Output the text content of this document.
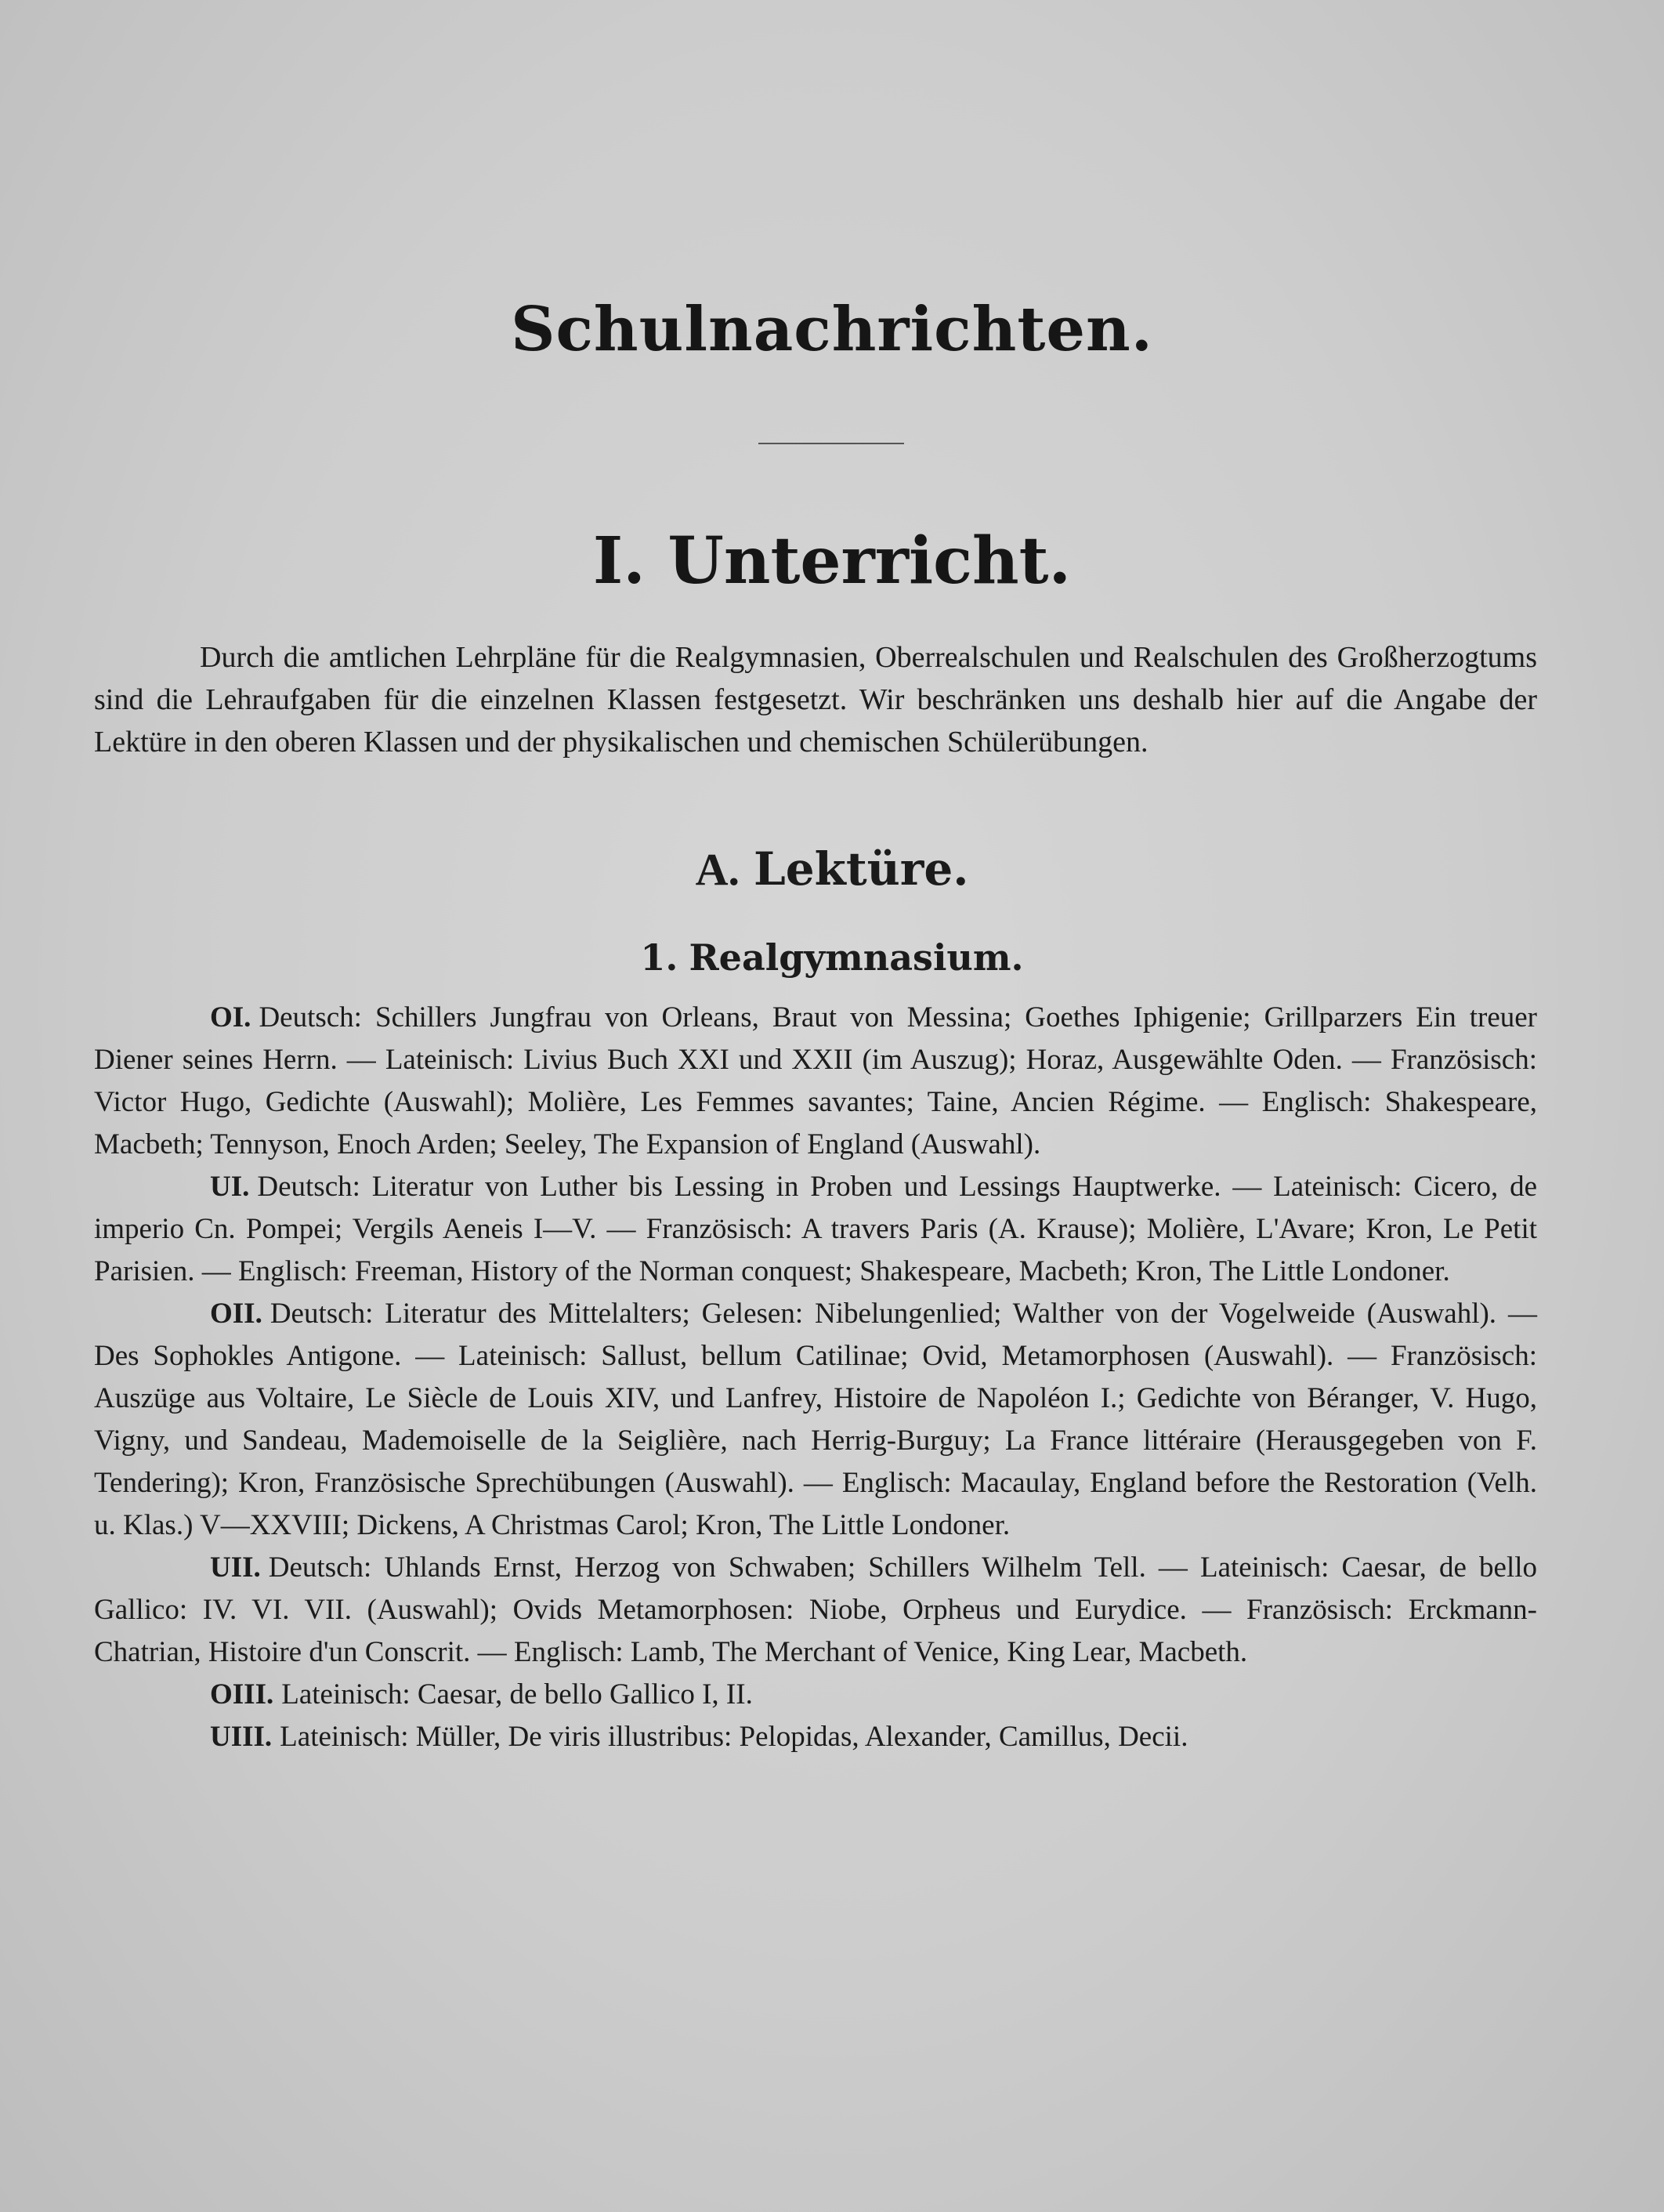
Schulnachrichten.
I. Unterricht.

Durch die amtlichen Lehrpläne für die Realgymnasien, Oberrealschulen und Realschulen des Großherzogtums sind die Lehraufgaben für die einzelnen Klassen festgesetzt. Wir beschränken uns deshalb hier auf die Angabe der Lektüre in den oberen Klassen und der physikalischen und chemischen Schülerübungen.

A. Lektüre.
1. Realgymnasium.

OI. Deutsch: Schillers Jungfrau von Orleans, Braut von Messina; Goethes Iphigenie; Grillparzers Ein treuer Diener seines Herrn. — Lateinisch: Livius Buch XXI und XXII (im Auszug); Horaz, Ausgewählte Oden. — Französisch: Victor Hugo, Gedichte (Auswahl); Molière, Les Femmes savantes; Taine, Ancien Régime. — Englisch: Shakespeare, Macbeth; Tennyson, Enoch Arden; Seeley, The Expansion of England (Auswahl).

UI. Deutsch: Literatur von Luther bis Lessing in Proben und Lessings Hauptwerke. — Lateinisch: Cicero, de imperio Cn. Pompei; Vergils Aeneis I—V. — Französisch: A travers Paris (A. Krause); Molière, L'Avare; Kron, Le Petit Parisien. — Englisch: Freeman, History of the Norman conquest; Shakespeare, Macbeth; Kron, The Little Londoner.

OII. Deutsch: Literatur des Mittelalters; Gelesen: Nibelungenlied; Walther von der Vogelweide (Auswahl). — Des Sophokles Antigone. — Lateinisch: Sallust, bellum Catilinae; Ovid, Metamorphosen (Auswahl). — Französisch: Auszüge aus Voltaire, Le Siècle de Louis XIV, und Lanfrey, Histoire de Napoléon I.; Gedichte von Béranger, V. Hugo, Vigny, und Sandeau, Mademoiselle de la Seiglière, nach Herrig-Burguy; La France littéraire (Herausgegeben von F. Tendering); Kron, Französische Sprechübungen (Auswahl). — Englisch: Macaulay, England before the Restoration (Velh. u. Klas.) V—XXVIII; Dickens, A Christmas Carol; Kron, The Little Londoner.

UII. Deutsch: Uhlands Ernst, Herzog von Schwaben; Schillers Wilhelm Tell. — Lateinisch: Caesar, de bello Gallico: IV. VI. VII. (Auswahl); Ovids Metamorphosen: Niobe, Orpheus und Eurydice. — Französisch: Erckmann-Chatrian, Histoire d'un Conscrit. — Englisch: Lamb, The Merchant of Venice, King Lear, Macbeth.

OIII. Lateinisch: Caesar, de bello Gallico I, II.

UIII. Lateinisch: Müller, De viris illustribus: Pelopidas, Alexander, Camillus, Decii.
